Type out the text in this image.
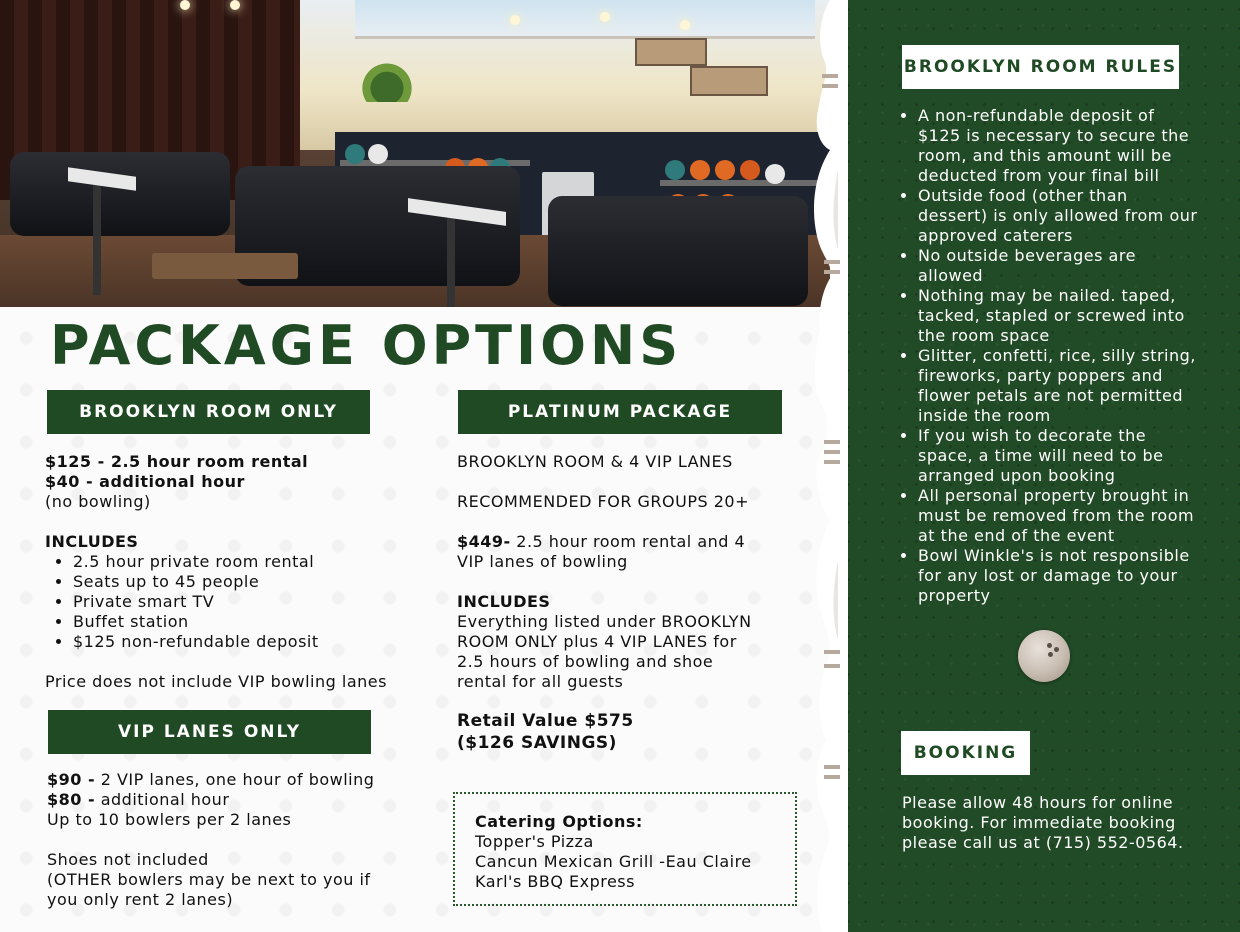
PACKAGE OPTIONS
BROOKLYN ROOM ONLY

$125 - 2.5 hour room rental

$40 - additional hour

(no bowling)

INCLUDES

• 2.5 hour private room rental
• Seats up to 45 people
• Private smart TV
• Buffet station
• $125 non-refundable deposit

Price does not include VIP bowling lanes

VIP LANES ONLY

$90 - 2 VIP lanes, one hour of bowling

$80 - additional hour

Up to 10 bowlers per 2 lanes

Shoes not included

(OTHER bowlers may be next to you if you only rent 2 lanes)

PLATINUM PACKAGE

BROOKLYN ROOM & 4 VIP LANES

RECOMMENDED FOR GROUPS 20+

$449- 2.5 hour room rental and 4 VIP lanes of bowling

INCLUDES

Everything listed under BROOKLYN ROOM ONLY plus 4 VIP LANES for 2.5 hours of bowling and shoe rental for all guests

Retail Value $575

($126 SAVINGS)

Catering Options:

Topper's Pizza

Cancun Mexican Grill -Eau Claire

Karl's BBQ Express

BROOKLYN ROOM RULES
• A non-refundable deposit of $125 is necessary to secure the room, and this amount will be deducted from your final bill
• Outside food (other than dessert) is only allowed from our approved caterers
• No outside beverages are allowed
• Nothing may be nailed. taped, tacked, stapled or screwed into the room space
• Glitter, confetti, rice, silly string, fireworks, party poppers and flower petals are not permitted inside the room
• If you wish to decorate the space, a time will need to be arranged upon booking
• All personal property brought in must be removed from the room at the end of the event
• Bowl Winkle's is not responsible for any lost or damage to your property
BOOKING

Please allow 48 hours for online booking. For immediate booking please call us at (715) 552-0564.
